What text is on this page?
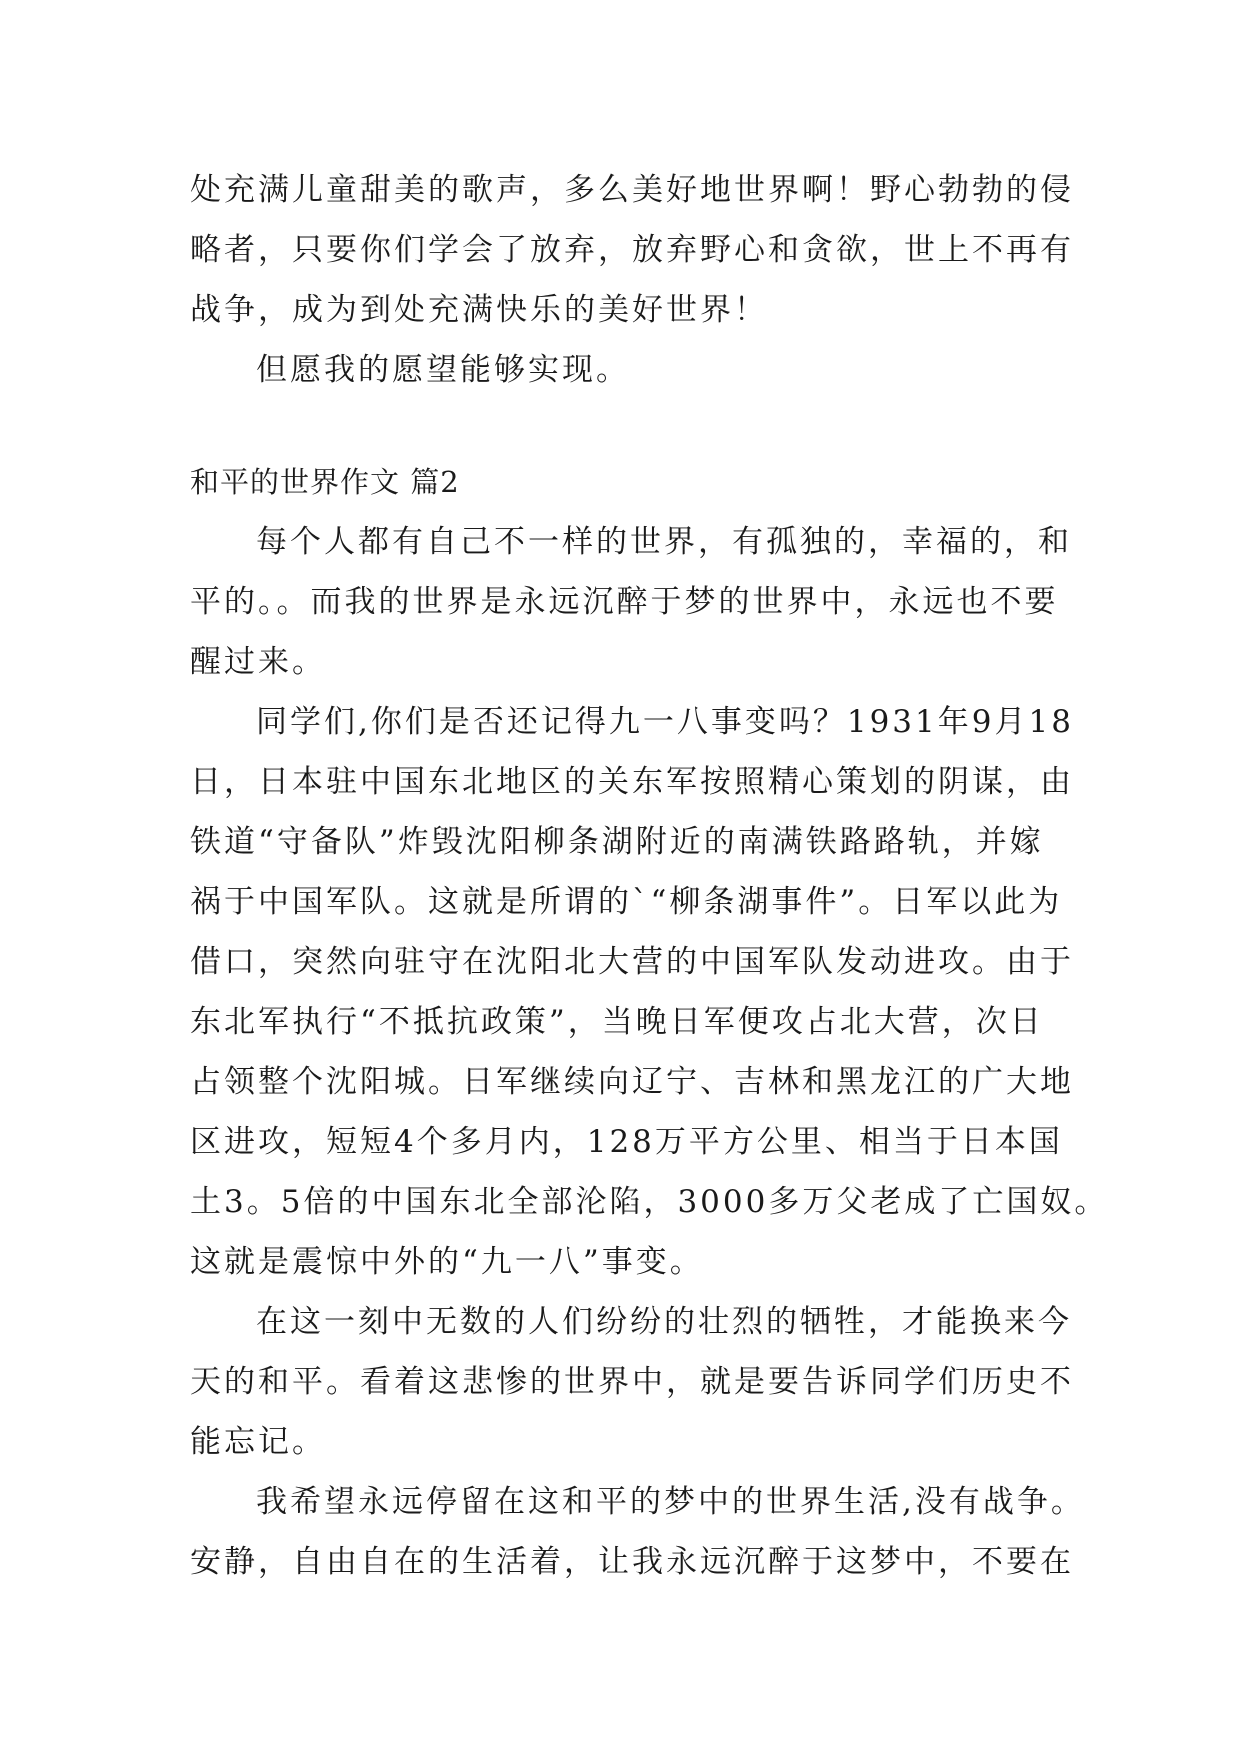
处充满儿童甜美的歌声，多么美好地世界啊！野心勃勃的侵
略者，只要你们学会了放弃，放弃野心和贪欲，世上不再有
战争，成为到处充满快乐的美好世界！
但愿我的愿望能够实现。
和平的世界作文 篇2
每个人都有自己不一样的世界，有孤独的，幸福的，和
平的。。而我的世界是永远沉醉于梦的世界中，永远也不要
醒过来。
同学们,你们是否还记得九一八事变吗？1931年9月18
日，日本驻中国东北地区的关东军按照精心策划的阴谋，由
铁道“守备队”炸毁沈阳柳条湖附近的南满铁路路轨，并嫁
祸于中国军队。这就是所谓的`“柳条湖事件”。日军以此为
借口，突然向驻守在沈阳北大营的中国军队发动进攻。由于
东北军执行“不抵抗政策”，当晚日军便攻占北大营，次日
占领整个沈阳城。日军继续向辽宁、吉林和黑龙江的广大地
区进攻，短短4个多月内，128万平方公里、相当于日本国
土3。5倍的中国东北全部沦陷，3000多万父老成了亡国奴。
这就是震惊中外的“九一八”事变。
在这一刻中无数的人们纷纷的壮烈的牺牲，才能换来今
天的和平。看着这悲惨的世界中，就是要告诉同学们历史不
能忘记。
我希望永远停留在这和平的梦中的世界生活,没有战争。
安静，自由自在的生活着，让我永远沉醉于这梦中，不要在
